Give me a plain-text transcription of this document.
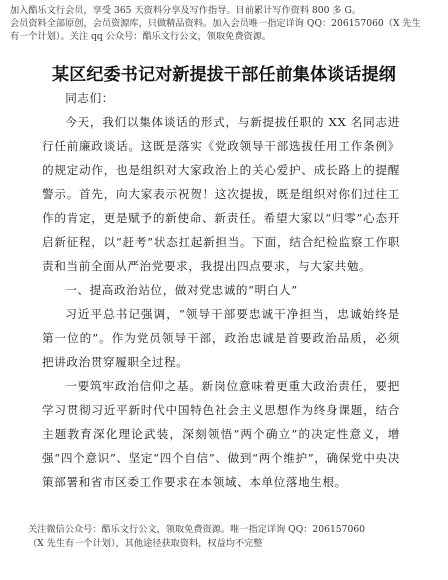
加入酷乐文行会员，享受 365 天资料分享及写作指导。目前累计写作资料 800 多 G。

会员资料全部原创，会员资源库，只做精品资料。加入会员唯一指定详询 QQ：206157060（X 先生

有一个计划）。关注 qq 公众号：酷乐文行公文，领取免费资源。

某区纪委书记对新提拔干部任前集体谈话提纲

同志们：

今天，我们以集体谈话的形式，与新提拔任职的 XX 名同志进行任前廉政谈话。这既是落实《党政领导干部选拔任用工作条例》的规定动作，也是组织对大家政治上的关心爱护、成长路上的提醒警示。首先，向大家表示祝贺！这次提拔，既是组织对你们过往工作的肯定，更是赋予的新使命、新责任。希望大家以“归零”心态开启新征程，以“赶考”状态扛起新担当。下面，结合纪检监察工作职责和当前全面从严治党要求，我提出四点要求，与大家共勉。

一、提高政治站位，做对党忠诚的“明白人”

习近平总书记强调，“领导干部要忠诚干净担当，忠诚始终是第一位的”。作为党员领导干部，政治忠诚是首要政治品质，必须把讲政治贯穿履职全过程。

一要筑牢政治信仰之基。新岗位意味着更重大政治责任，要把学习贯彻习近平新时代中国特色社会主义思想作为终身课题，结合主题教育深化理论武装，深刻领悟“两个确立”的决定性意义，增强“四个意识”、坚定“四个自信”、做到“两个维护”，确保党中央决策部署和省市区委工作要求在本领域、本单位落地生根。

关注微信公众号：酷乐文行公文，领取免费资源。唯一指定详询 QQ：206157060

（X 先生有一个计划），其他途径获取资料，权益均不完整
